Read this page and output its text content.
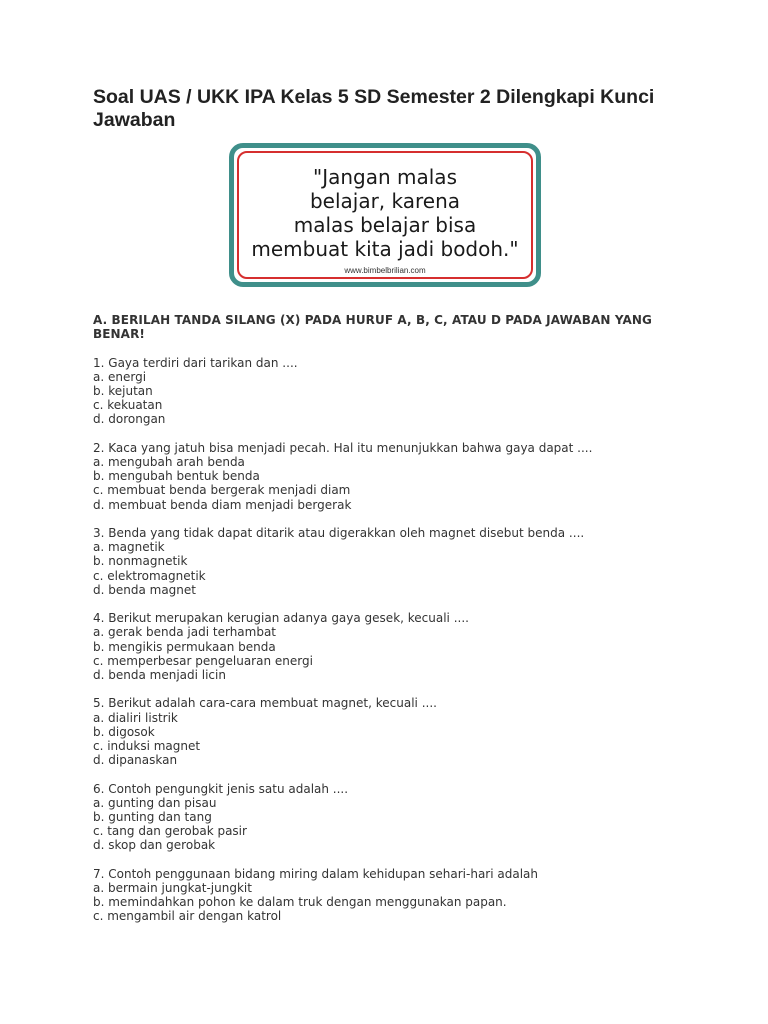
Soal UAS / UKK IPA Kelas 5 SD Semester 2 Dilengkapi Kunci Jawaban
"Jangan malas
belajar, karena
malas belajar bisa
membuat kita jadi bodoh."
www.bimbelbrilian.com
A. BERILAH TANDA SILANG (X) PADA HURUF A, B, C, ATAU D PADA JAWABAN YANG BENAR!
1. Gaya terdiri dari tarikan dan ....
a. energi
b. kejutan
c. kekuatan
d. dorongan
2. Kaca yang jatuh bisa menjadi pecah. Hal itu menunjukkan bahwa gaya dapat ....
a. mengubah arah benda
b. mengubah bentuk benda
c. membuat benda bergerak menjadi diam
d. membuat benda diam menjadi bergerak
3. Benda yang tidak dapat ditarik atau digerakkan oleh magnet disebut benda ....
a. magnetik
b. nonmagnetik
c. elektromagnetik
d. benda magnet
4. Berikut merupakan kerugian adanya gaya gesek, kecuali ....
a. gerak benda jadi terhambat
b. mengikis permukaan benda
c. memperbesar pengeluaran energi
d. benda menjadi licin
5. Berikut adalah cara-cara membuat magnet, kecuali ....
a. dialiri listrik
b. digosok
c. induksi magnet
d. dipanaskan
6. Contoh pengungkit jenis satu adalah ....
a. gunting dan pisau
b. gunting dan tang
c. tang dan gerobak pasir
d. skop dan gerobak
7. Contoh penggunaan bidang miring dalam kehidupan sehari-hari adalah
a. bermain jungkat-jungkit
b. memindahkan pohon ke dalam truk dengan menggunakan papan.
c. mengambil air dengan katrol
